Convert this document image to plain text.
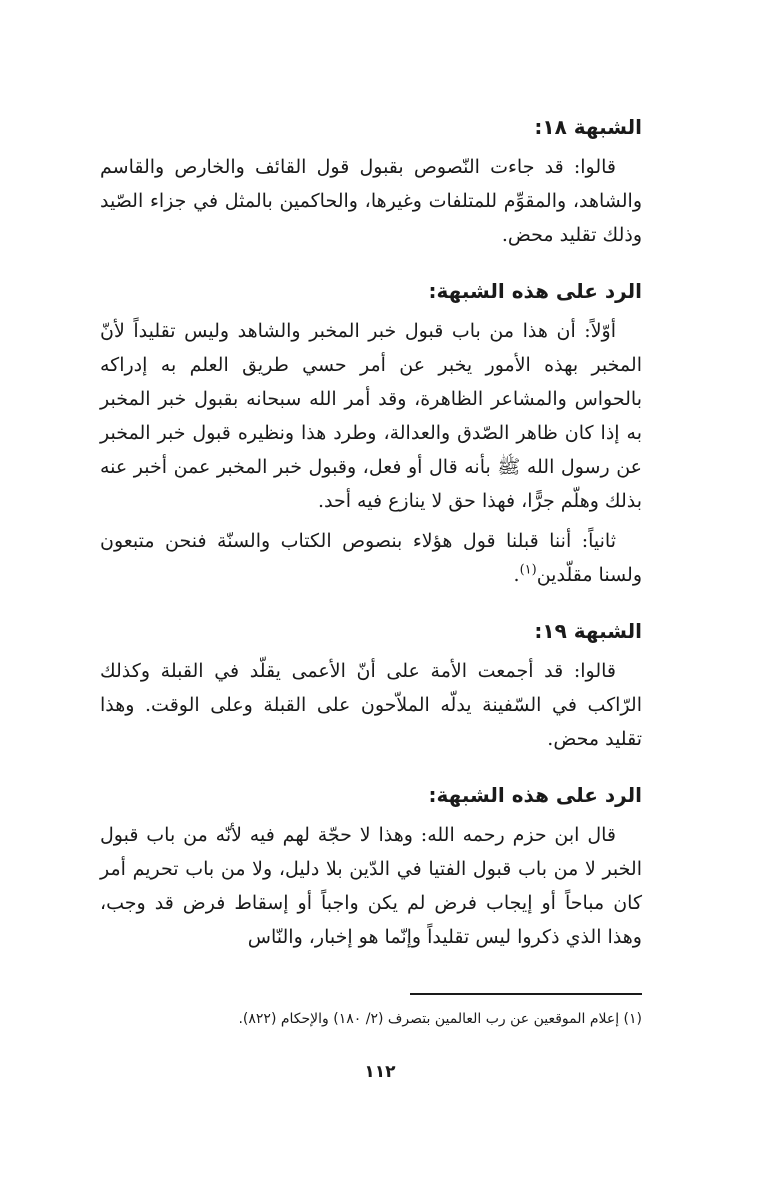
الشبهة ١٨:

قالوا: قد جاءت النّصوص بقبول قول القائف والخارص والقاسم والشاهد، والمقوِّم للمتلفات وغيرها، والحاكمين بالمثل في جزاء الصّيد وذلك تقليد محض.

الرد على هذه الشبهة:

أوّلاً: أن هذا من باب قبول خبر المخبر والشاهد وليس تقليداً لأنّ المخبر بهذه الأمور يخبر عن أمر حسي طريق العلم به إدراكه بالحواس والمشاعر الظاهرة، وقد أمر الله سبحانه بقبول خبر المخبر به إذا كان ظاهر الصّدق والعدالة، وطرد هذا ونظيره قبول خبر المخبر عن رسول الله ﷺ بأنه قال أو فعل، وقبول خبر المخبر عمن أخبر عنه بذلك وهلّم جرًّا، فهذا حق لا ينازع فيه أحد.

ثانياً: أننا قبلنا قول هؤلاء بنصوص الكتاب والسنّة فنحن متبعون ولسنا مقلّدين$^{(١)}$.

الشبهة ١٩:

قالوا: قد أجمعت الأمة على أنّ الأعمى يقلّد في القبلة وكذلك الرّاكب في السّفينة يدلّه الملاّحون على القبلة وعلى الوقت. وهذا تقليد محض.

الرد على هذه الشبهة:

قال ابن حزم رحمه الله: وهذا لا حجّة لهم فيه لأنّه من باب قبول الخبر لا من باب قبول الفتيا في الدّين بلا دليل، ولا من باب تحريم أمر كان مباحاً أو إيجاب فرض لم يكن واجباً أو إسقاط فرض قد وجب، وهذا الذي ذكروا ليس تقليداً وإنّما هو إخبار، والنّاس

(١) إعلام الموقعين عن رب العالمين بتصرف (٢/ ١٨٠) والإحكام (٨٢٢).
١١٢
